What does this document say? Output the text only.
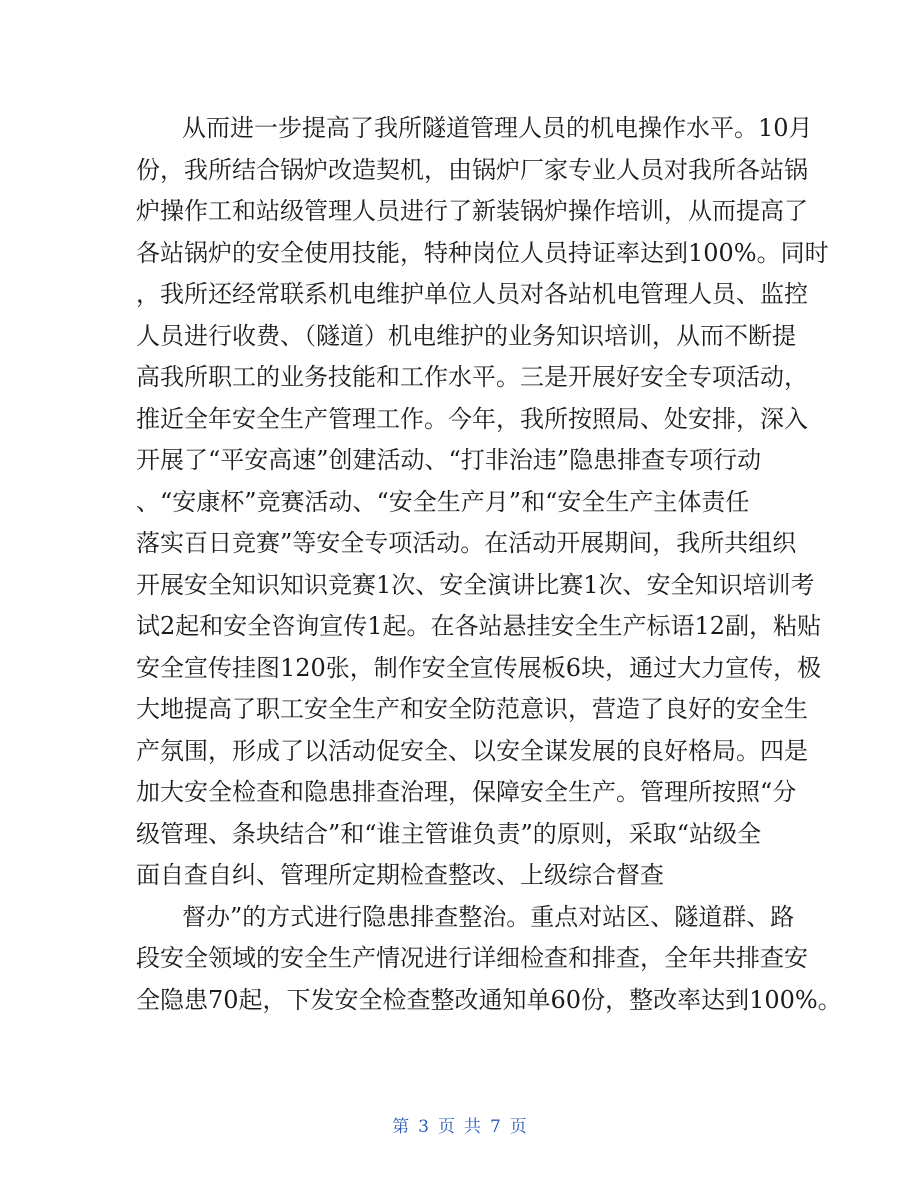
从而进一步提高了我所隧道管理人员的机电操作水平。10月
份，我所结合锅炉改造契机，由锅炉厂家专业人员对我所各站锅
炉操作工和站级管理人员进行了新装锅炉操作培训，从而提高了
各站锅炉的安全使用技能，特种岗位人员持证率达到100%。同时
，我所还经常联系机电维护单位人员对各站机电管理人员、监控
人员进行收费、（隧道）机电维护的业务知识培训，从而不断提
高我所职工的业务技能和工作水平。三是开展好安全专项活动，
推近全年安全生产管理工作。今年，我所按照局、处安排，深入
开展了“平安高速”创建活动、“打非治违”隐患排查专项行动
、“安康杯”竞赛活动、“安全生产月”和“安全生产主体责任
落实百日竞赛”等安全专项活动。在活动开展期间，我所共组织
开展安全知识知识竞赛1次、安全演讲比赛1次、安全知识培训考
试2起和安全咨询宣传1起。在各站悬挂安全生产标语12副，粘贴
安全宣传挂图120张，制作安全宣传展板6块，通过大力宣传，极
大地提高了职工安全生产和安全防范意识，营造了良好的安全生
产氛围，形成了以活动促安全、以安全谋发展的良好格局。四是
加大安全检查和隐患排查治理，保障安全生产。管理所按照“分
级管理、条块结合”和“谁主管谁负责”的原则，采取“站级全
面自查自纠、管理所定期检查整改、上级综合督查
督办”的方式进行隐患排查整治。重点对站区、隧道群、路
段安全领域的安全生产情况进行详细检查和排查，全年共排查安
全隐患70起，下发安全检查整改通知单60份，整改率达到100%。
第 3 页 共 7 页
